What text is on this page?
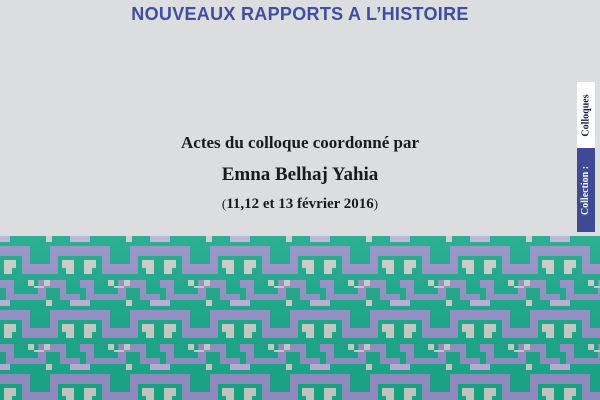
NOUVEAUX RAPPORTS A L’HISTOIRE
Actes du colloque coordonné par
Emna Belhaj Yahia
(11,12 et 13 février 2016)
Colloques
Collection :
